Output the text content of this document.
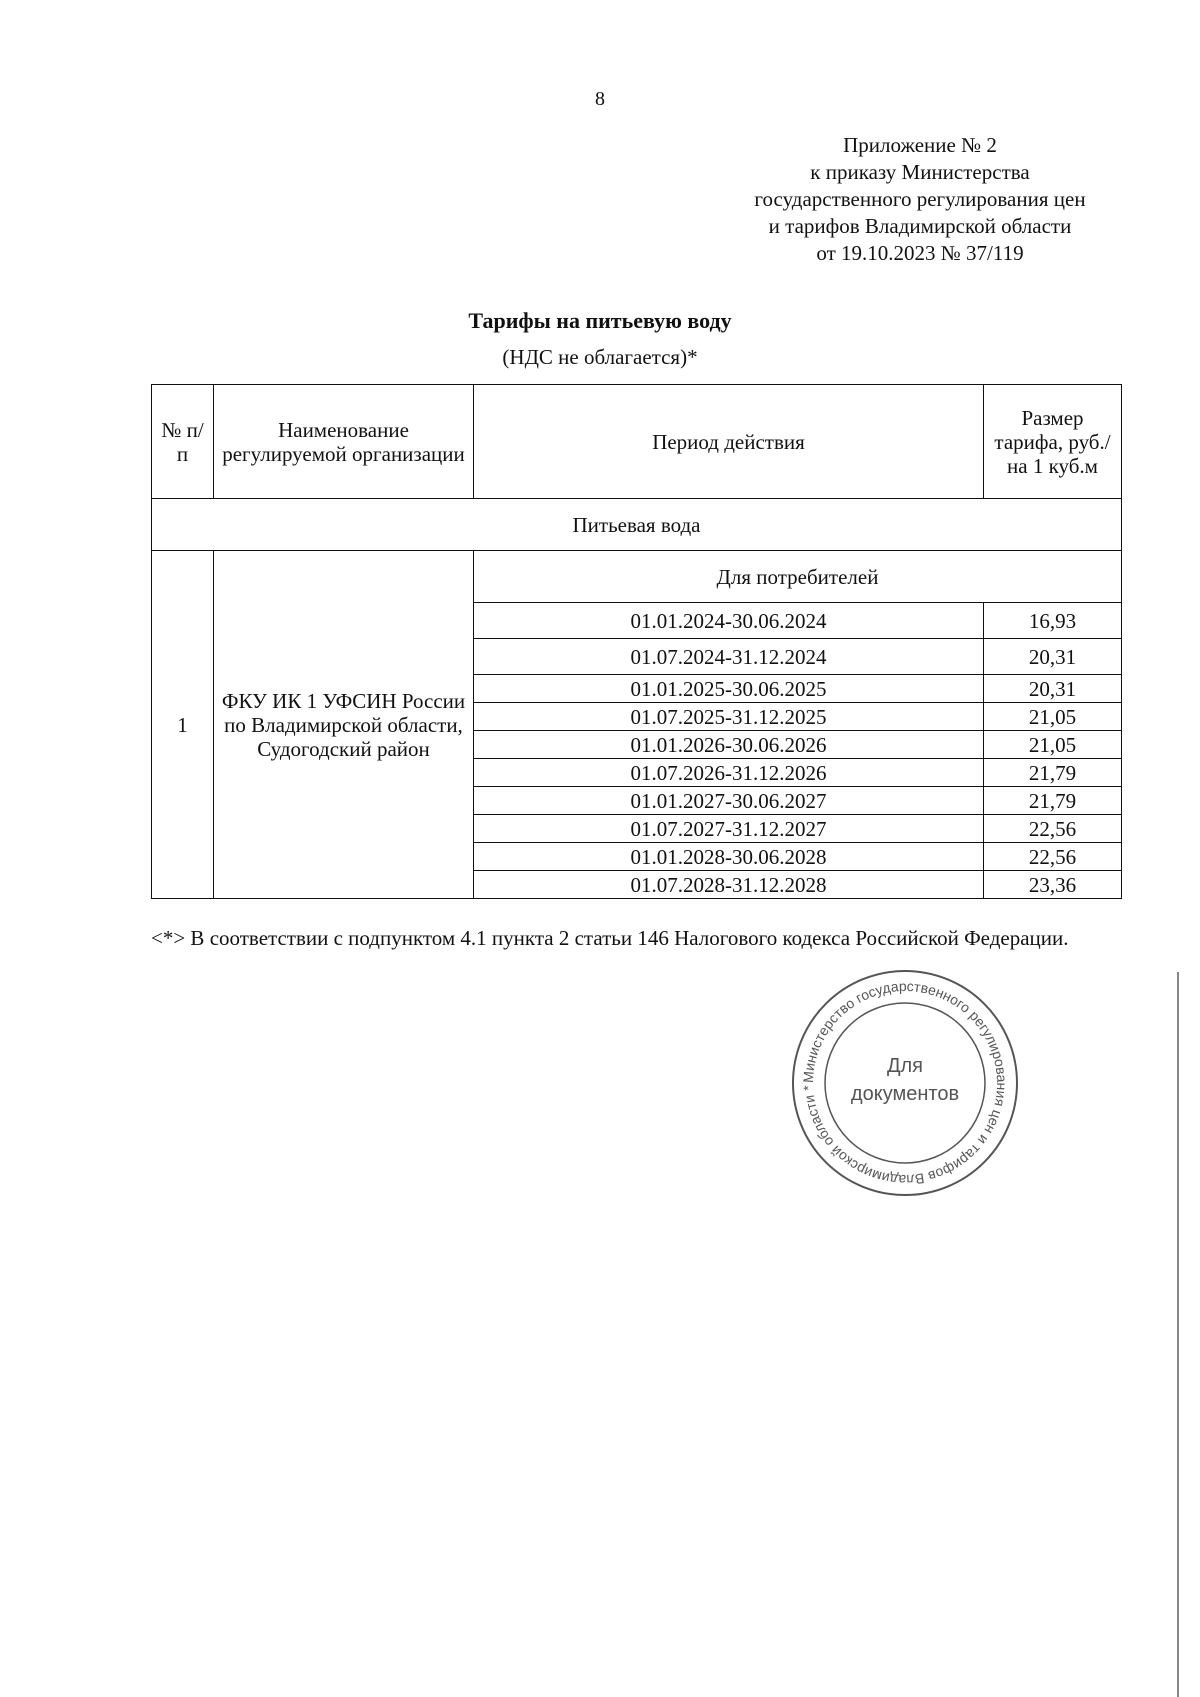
8
Приложение № 2
к приказу Министерства
государственного регулирования цен
и тарифов Владимирской области
от 19.10.2023 № 37/119
Тарифы на питьевую воду
(НДС не облагается)*
№ п/п	Наименование регулируемой организации	Период действия	Размер тарифа, руб./на 1 куб.м
Питьевая вода			
1	ФКУ ИК 1 УФСИН России по Владимирской области, Судогодский район	Для потребителей	
		01.01.2024-30.06.2024	16,93
		01.07.2024-31.12.2024	20,31
		01.01.2025-30.06.2025	20,31
		01.07.2025-31.12.2025	21,05
		01.01.2026-30.06.2026	21,05
		01.07.2026-31.12.2026	21,79
		01.01.2027-30.06.2027	21,79
		01.07.2027-31.12.2027	22,56
		01.01.2028-30.06.2028	22,56
		01.07.2028-31.12.2028	23,36
<*> В соответствии с подпунктом 4.1 пункта 2 статьи 146 Налогового кодекса Российской Федерации.
Министерство государственного регулирования цен и тарифов Владимирской области *
Для
документов
